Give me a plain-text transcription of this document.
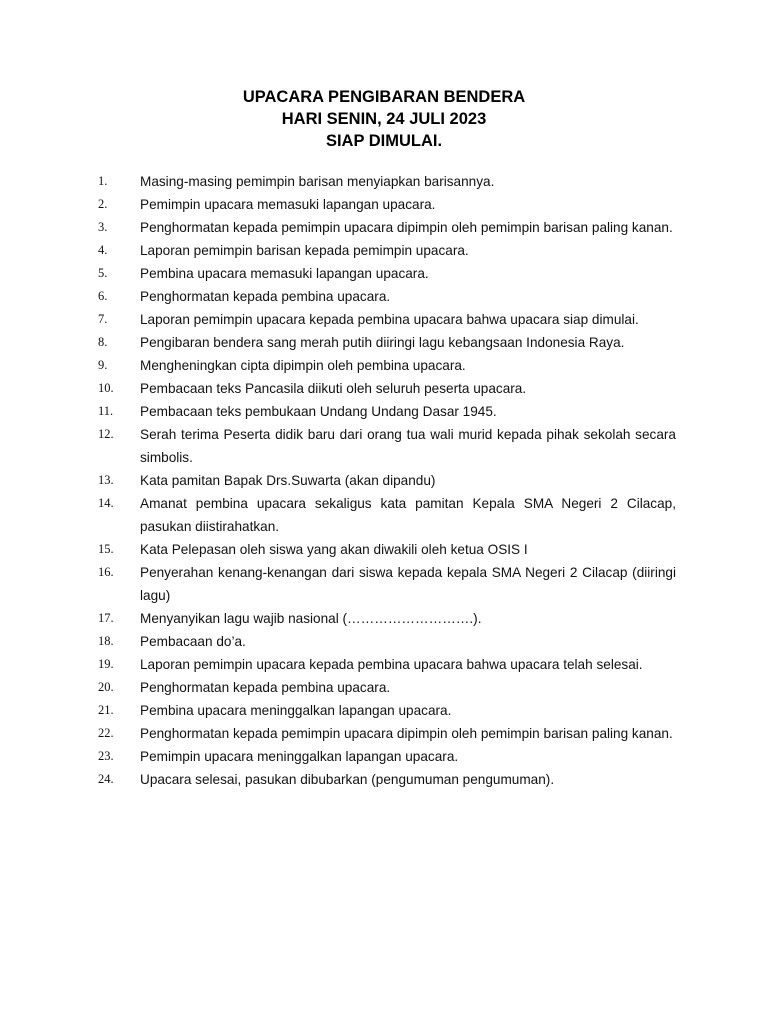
UPACARA PENGIBARAN BENDERA
HARI SENIN, 24 JULI 2023
SIAP DIMULAI.
1. Masing-masing pemimpin barisan menyiapkan barisannya.
2. Pemimpin upacara memasuki lapangan upacara.
3. Penghormatan kepada pemimpin upacara dipimpin oleh pemimpin barisan paling kanan.
4. Laporan pemimpin barisan kepada pemimpin upacara.
5. Pembina upacara memasuki lapangan upacara.
6. Penghormatan kepada pembina upacara.
7. Laporan pemimpin upacara kepada pembina upacara bahwa upacara siap dimulai.
8. Pengibaran bendera sang merah putih diiringi lagu kebangsaan Indonesia Raya.
9. Mengheningkan cipta dipimpin oleh pembina upacara.
10. Pembacaan teks Pancasila diikuti oleh seluruh peserta upacara.
11. Pembacaan teks pembukaan Undang Undang Dasar 1945.
12. Serah terima Peserta didik baru dari orang tua wali murid kepada pihak sekolah secara simbolis.
13. Kata pamitan Bapak Drs.Suwarta (akan dipandu)
14. Amanat pembina upacara sekaligus kata pamitan Kepala SMA Negeri 2 Cilacap, pasukan diistirahatkan.
15. Kata Pelepasan oleh siswa yang akan diwakili oleh ketua OSIS I
16. Penyerahan kenang-kenangan dari siswa kepada kepala SMA Negeri 2 Cilacap (diiringi lagu)
17. Menyanyikan lagu wajib nasional (……………………….).
18. Pembacaan do’a.
19. Laporan pemimpin upacara kepada pembina upacara bahwa upacara telah selesai.
20. Penghormatan kepada pembina upacara.
21. Pembina upacara meninggalkan lapangan upacara.
22. Penghormatan kepada pemimpin upacara dipimpin oleh pemimpin barisan paling kanan.
23. Pemimpin upacara meninggalkan lapangan upacara.
24. Upacara selesai, pasukan dibubarkan (pengumuman pengumuman).
